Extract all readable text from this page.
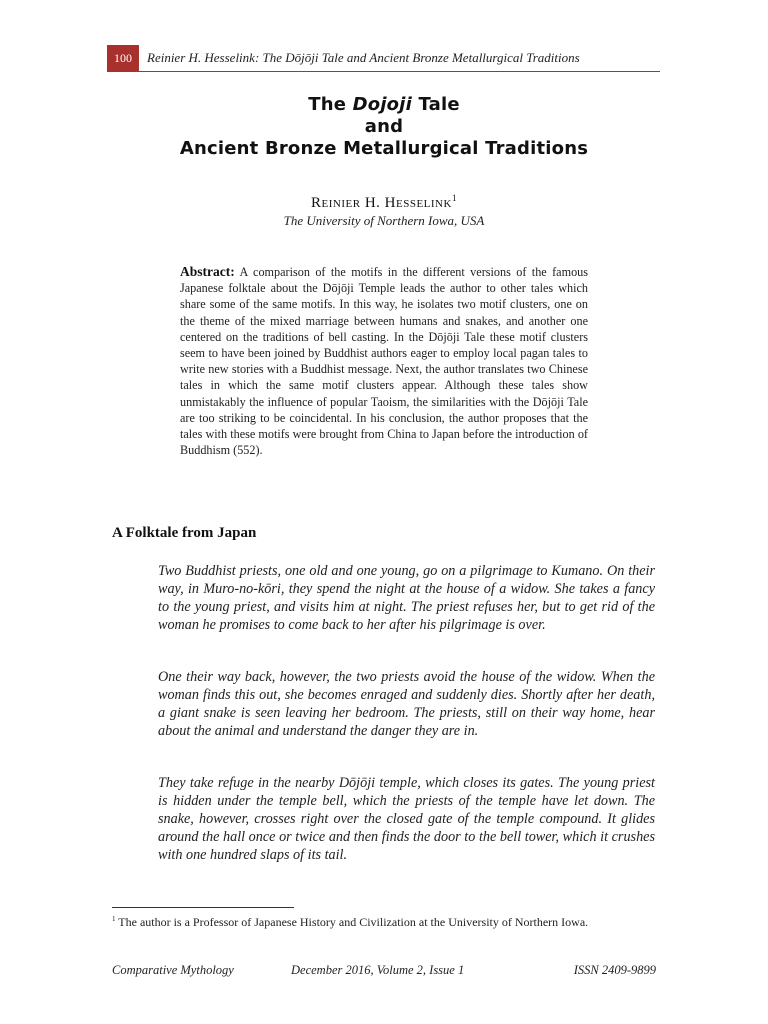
100	Reinier H. Hesselink: The Dōjōji Tale and Ancient Bronze Metallurgical Traditions
The Dojoji Tale
and
Ancient Bronze Metallurgical Traditions
Reinier H. Hesselink$^1$
The University of Northern Iowa, USA
Abstract: A comparison of the motifs in the different versions of the famous Japanese folktale about the Dōjōji Temple leads the author to other tales which share some of the same motifs. In this way, he isolates two motif clusters, one on the theme of the mixed marriage between humans and snakes, and another one centered on the traditions of bell casting. In the Dōjōji Tale these motif clusters seem to have been joined by Buddhist authors eager to employ local pagan tales to write new stories with a Buddhist message. Next, the author translates two Chinese tales in which the same motif clusters appear. Although these tales show unmistakably the influence of popular Taoism, the similarities with the Dōjōji Tale are too striking to be coincidental. In his conclusion, the author proposes that the tales with these motifs were brought from China to Japan before the introduction of Buddhism (552).
A Folktale from Japan
Two Buddhist priests, one old and one young, go on a pilgrimage to Kumano. On their way, in Muro-no-kōri, they spend the night at the house of a widow. She takes a fancy to the young priest, and visits him at night. The priest refuses her, but to get rid of the woman he promises to come back to her after his pilgrimage is over.
One their way back, however, the two priests avoid the house of the widow. When the woman finds this out, she becomes enraged and suddenly dies. Shortly after her death, a giant snake is seen leaving her bedroom. The priests, still on their way home, hear about the animal and understand the danger they are in.
They take refuge in the nearby Dōjōji temple, which closes its gates. The young priest is hidden under the temple bell, which the priests of the temple have let down. The snake, however, crosses right over the closed gate of the temple compound. It glides around the hall once or twice and then finds the door to the bell tower, which it crushes with one hundred slaps of its tail.
$^1$ The author is a Professor of Japanese History and Civilization at the University of Northern Iowa.
Comparative Mythology	December 2016, Volume 2, Issue 1	ISSN 2409-9899
